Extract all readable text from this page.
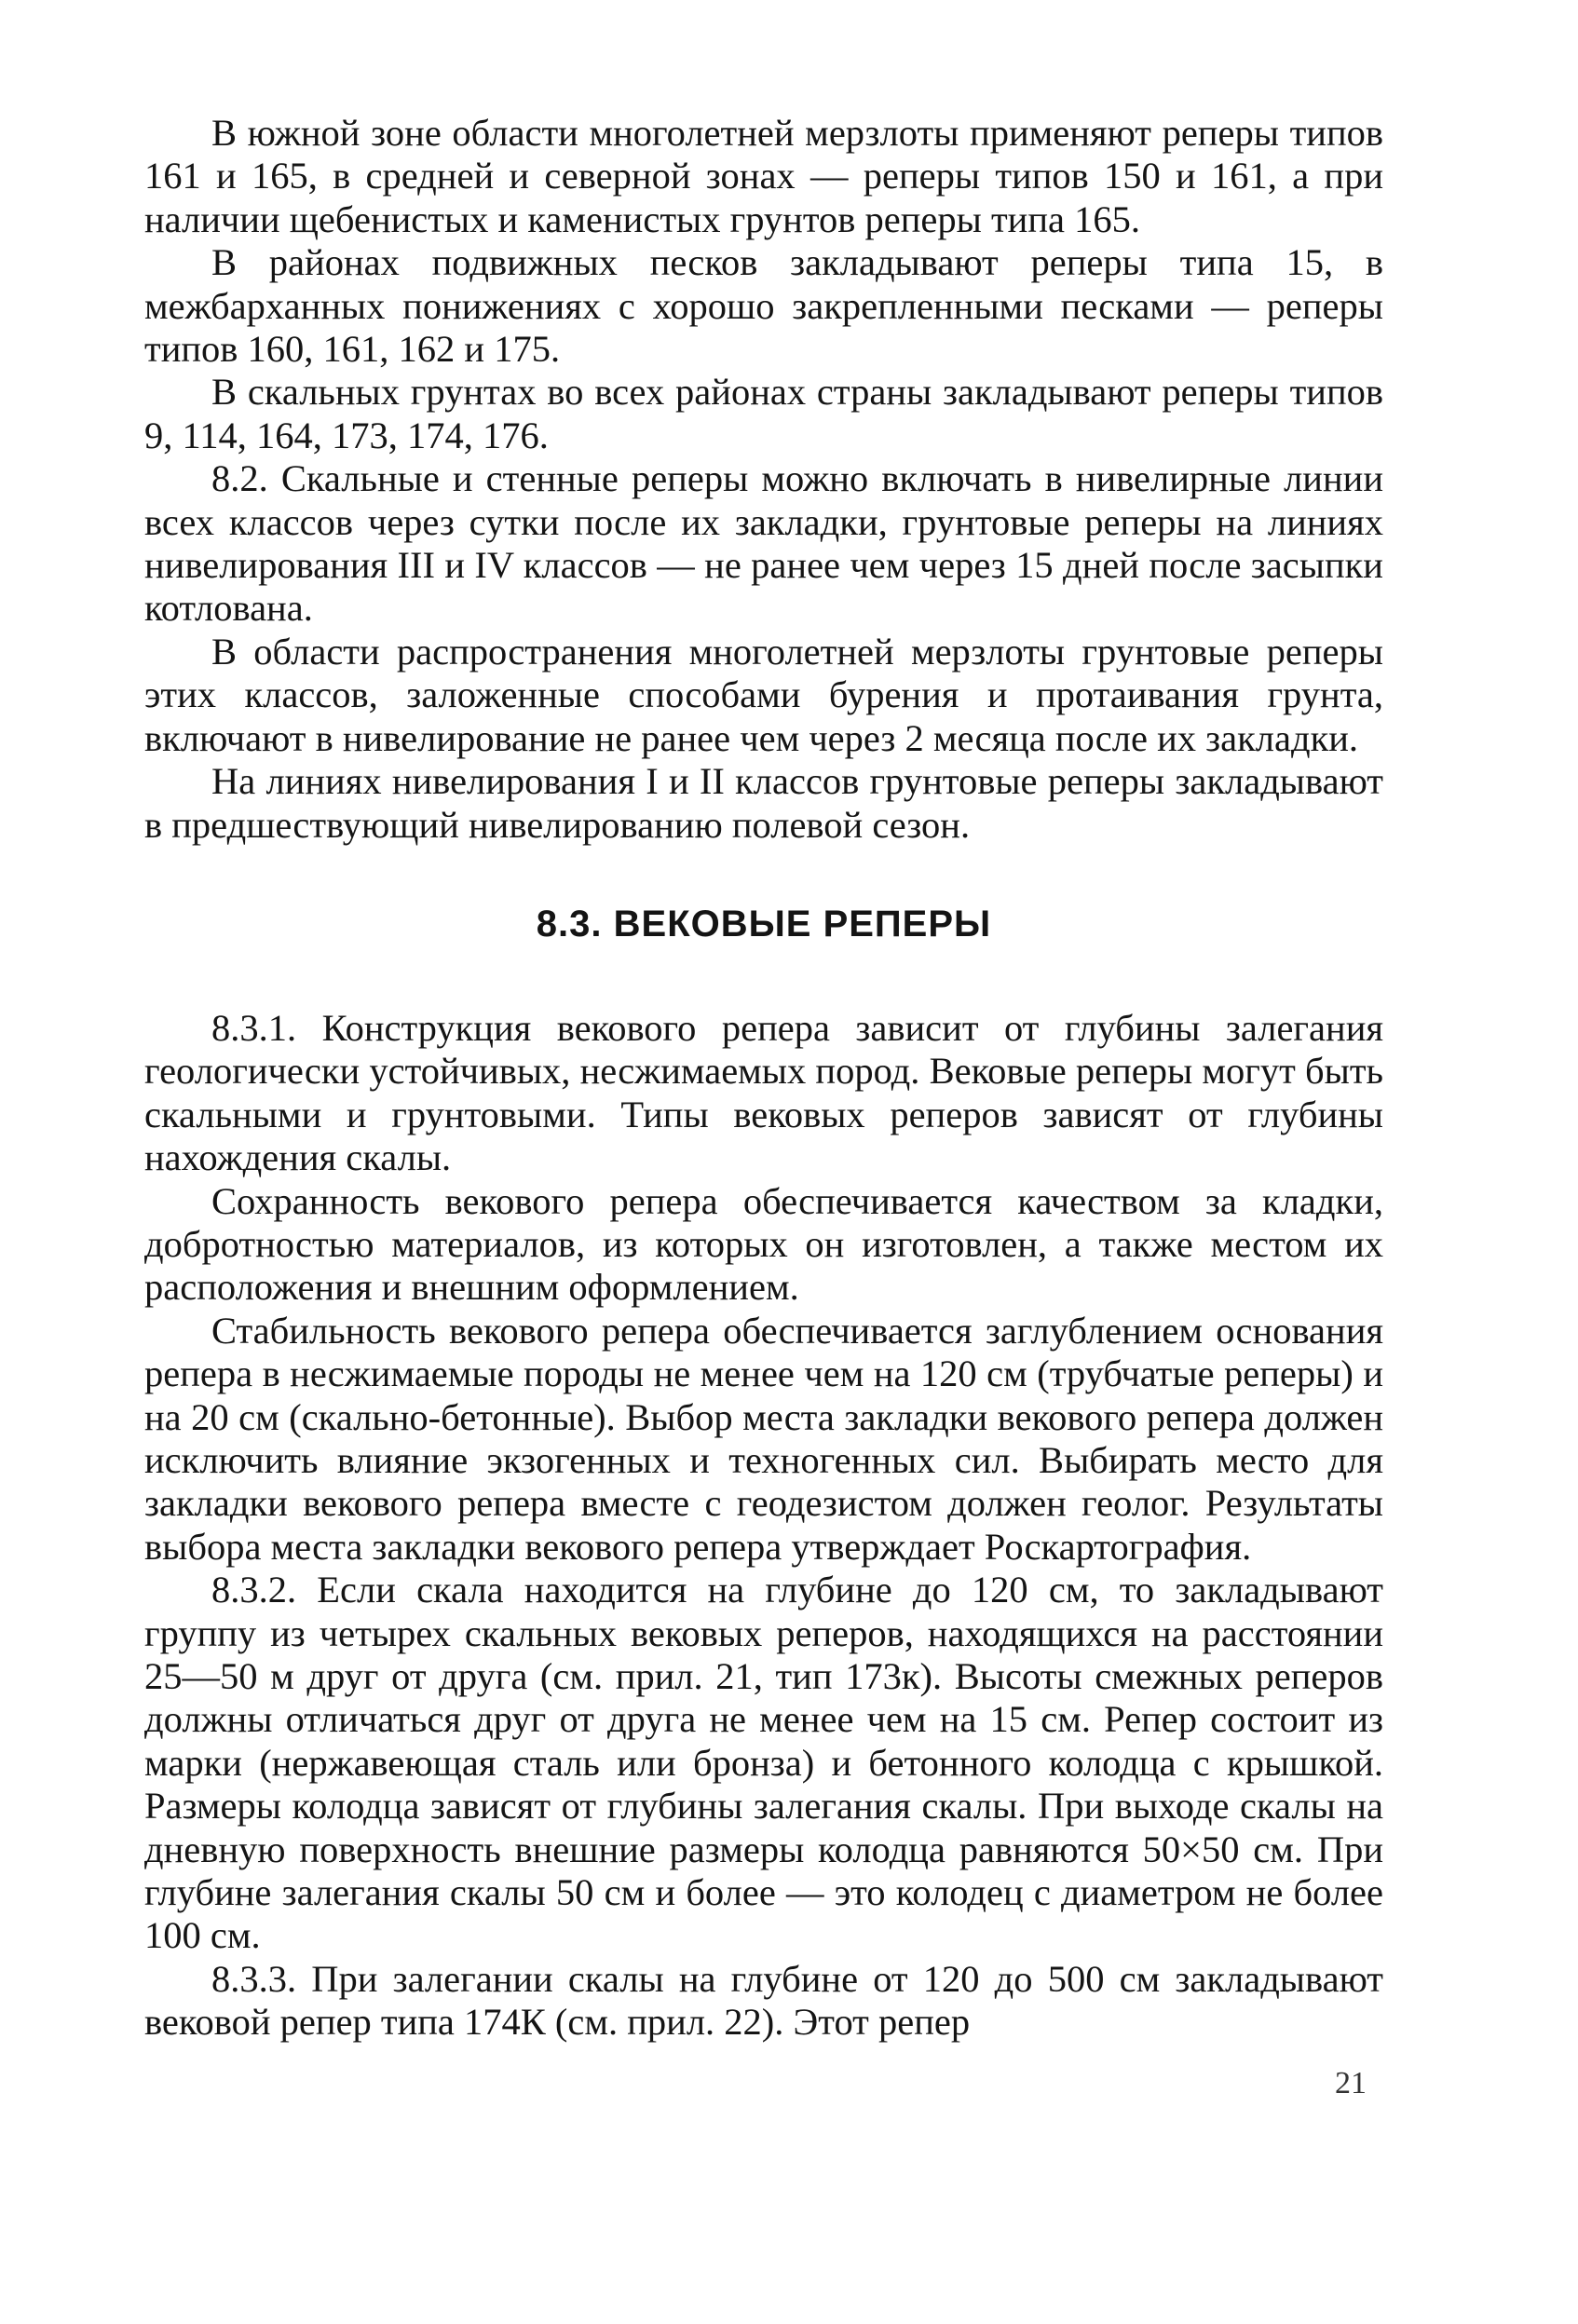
В южной зоне области многолетней мерзлоты применяют реперы типов 161 и 165, в средней и северной зонах — реперы типов 150 и 161, а при наличии щебенистых и каменистых грунтов реперы типа 165.

В районах подвижных песков закладывают реперы типа 15, в межбарханных понижениях с хорошо закрепленными песками — реперы типов 160, 161, 162 и 175.

В скальных грунтах во всех районах страны закладывают реперы типов 9, 114, 164, 173, 174, 176.

8.2. Скальные и стенные реперы можно включать в нивелирные линии всех классов через сутки после их закладки, грунтовые реперы на линиях нивелирования III и IV классов — не ранее чем через 15 дней после засыпки котлована.

В области распространения многолетней мерзлоты грунтовые реперы этих классов, заложенные способами бурения и протаивания грунта, включают в нивелирование не ранее чем через 2 месяца после их закладки.

На линиях нивелирования I и II классов грунтовые реперы закладывают в предшествующий нивелированию полевой сезон.

8.3. ВЕКОВЫЕ РЕПЕРЫ

8.3.1. Конструкция векового репера зависит от глубины залегания геологически устойчивых, несжимаемых пород. Вековые реперы могут быть скальными и грунтовыми. Типы вековых реперов зависят от глубины нахождения скалы.

Сохранность векового репера обеспечивается качеством за кладки, добротностью материалов, из которых он изготовлен, а также местом их расположения и внешним оформлением.

Стабильность векового репера обеспечивается заглублением основания репера в несжимаемые породы не менее чем на 120 см (трубчатые реперы) и на 20 см (скально-бетонные). Выбор места закладки векового репера должен исключить влияние экзогенных и техногенных сил. Выбирать место для закладки векового репера вместе с геодезистом должен геолог. Результаты выбора места закладки векового репера утверждает Роскартография.

8.3.2. Если скала находится на глубине до 120 см, то закладывают группу из четырех скальных вековых реперов, находящихся на расстоянии 25—50 м друг от друга (см. прил. 21, тип 173к). Высоты смежных реперов должны отличаться друг от друга не менее чем на 15 см. Репер состоит из марки (нержавеющая сталь или бронза) и бетонного колодца с крышкой. Размеры колодца зависят от глубины залегания скалы. При выходе скалы на дневную поверхность внешние размеры колодца равняются 50×50 см. При глубине залегания скалы 50 см и более — это колодец с диаметром не более 100 см.

8.3.3. При залегании скалы на глубине от 120 до 500 см закладывают вековой репер типа 174К (см. прил. 22). Этот репер

21
